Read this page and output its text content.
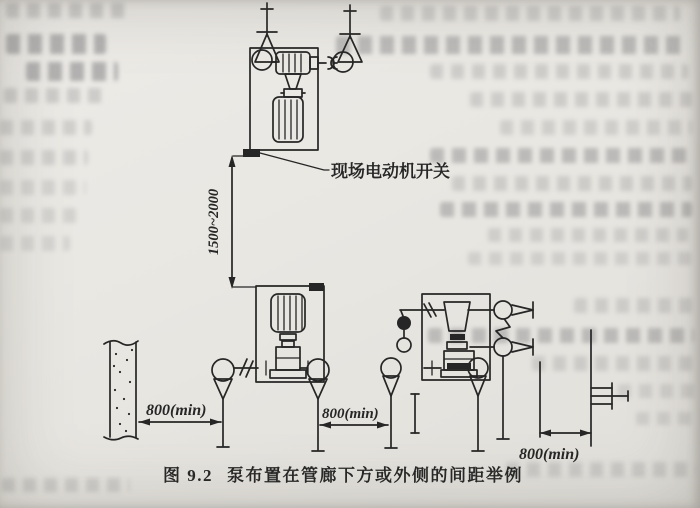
现场电动机开关
1500~2000
800(min)	800(min)
800(min)
图 9.2 泵布置在管廊下方或外侧的间距举例
